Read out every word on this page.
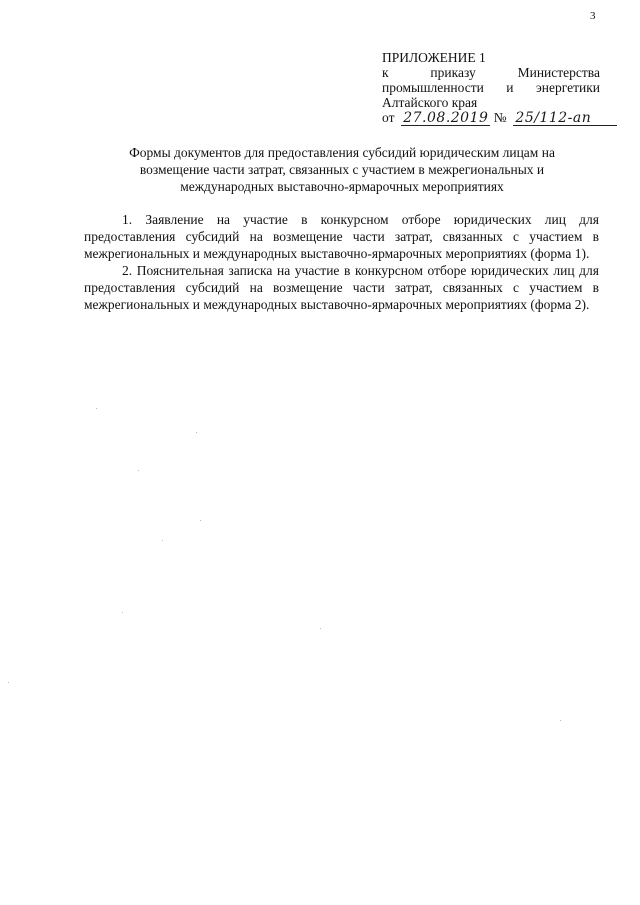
3
ПРИЛОЖЕНИЕ 1
к приказу Министерства
промышленности и энергетики
Алтайского края
от 27.08.2019 № 25/112-an
Формы документов для предоставления субсидий юридическим лицам на
возмещение части затрат, связанных с участием в межрегиональных и
международных выставочно-ярмарочных мероприятиях

1. Заявление на участие в конкурсном отборе юридических лиц для предоставления субсидий на возмещение части затрат, связанных с участием в межрегиональных и международных выставочно-ярмарочных мероприятиях (форма 1).

2. Пояснительная записка на участие в конкурсном отборе юридических лиц для предоставления субсидий на возмещение части затрат, связанных с участием в межрегиональных и международных выставочно-ярмарочных мероприятиях (форма 2).
